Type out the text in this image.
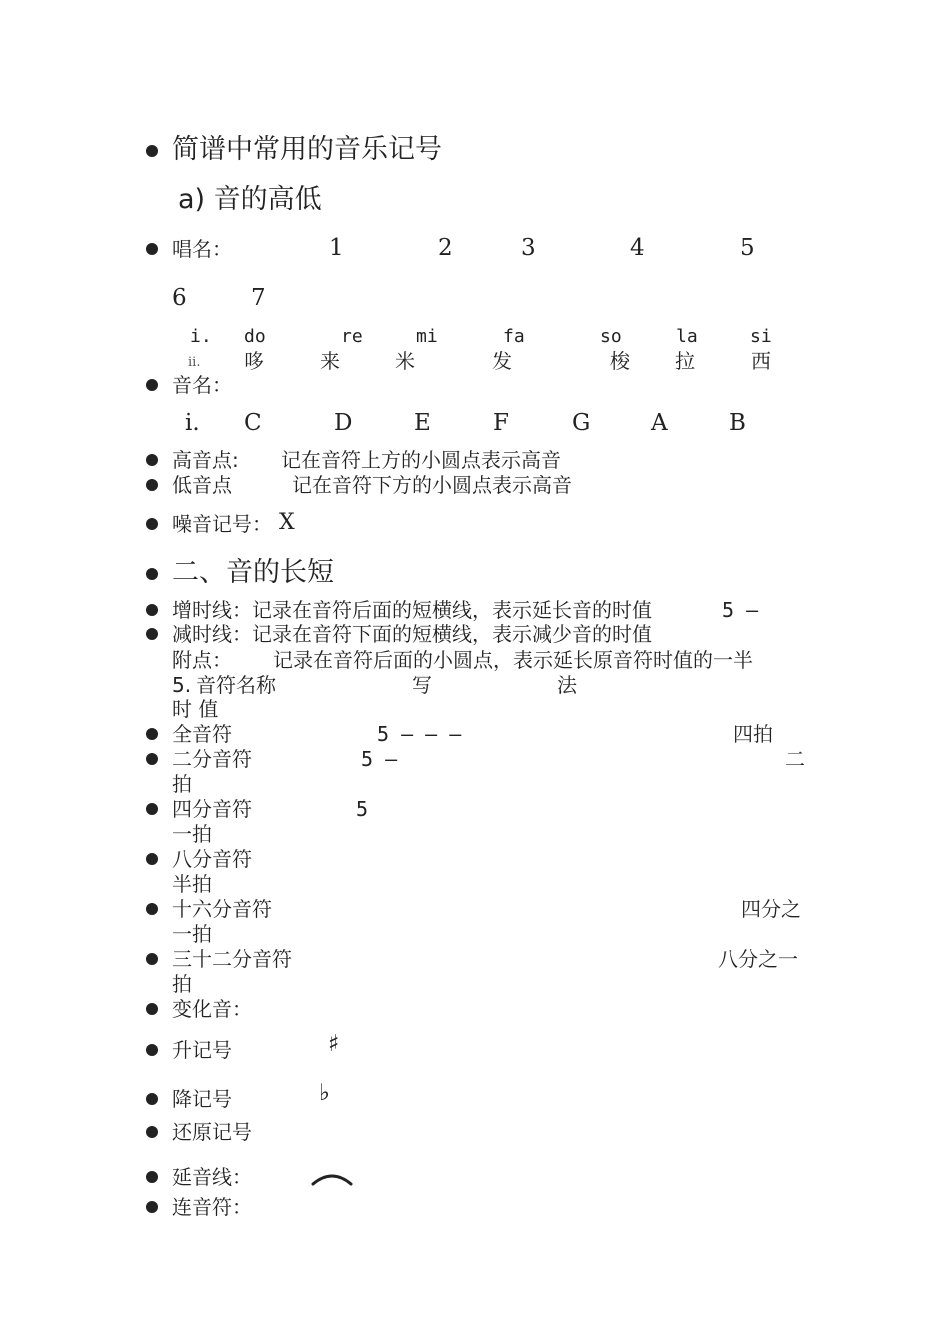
简谱中常用的音乐记号
a) 音的高低
唱名：	1	2	3	4	5
6	7
i. do	re	mi	fa	so	la	si
ii. 哆	来	米	发	梭 拉	西
音名：
i. C	D	E	F	G	A	B
高音点: 记在音符上方的小圆点表示高音
低音点	记在音符下方的小圆点表示高音
噪音记号： X
二、音的长短
增时线：记录在音符后面的短横线，表示延长音的时值	5 —
减时线：记录在音符下面的短横线，表示减少音的时值
附点： 记录在音符后面的小圆点，表示延长原音符时值的一半
5. 音符名称	写	法
时 值
全音符	5 — — —	四拍
二分音符	5 —	二
拍
四分音符	5
一拍
八分音符
半拍
十六分音符	四分之
一拍
三十二分音符	八分之一
拍
变化音：
升记号	♯
降记号	♭
还原记号
延音线：
连音符：
